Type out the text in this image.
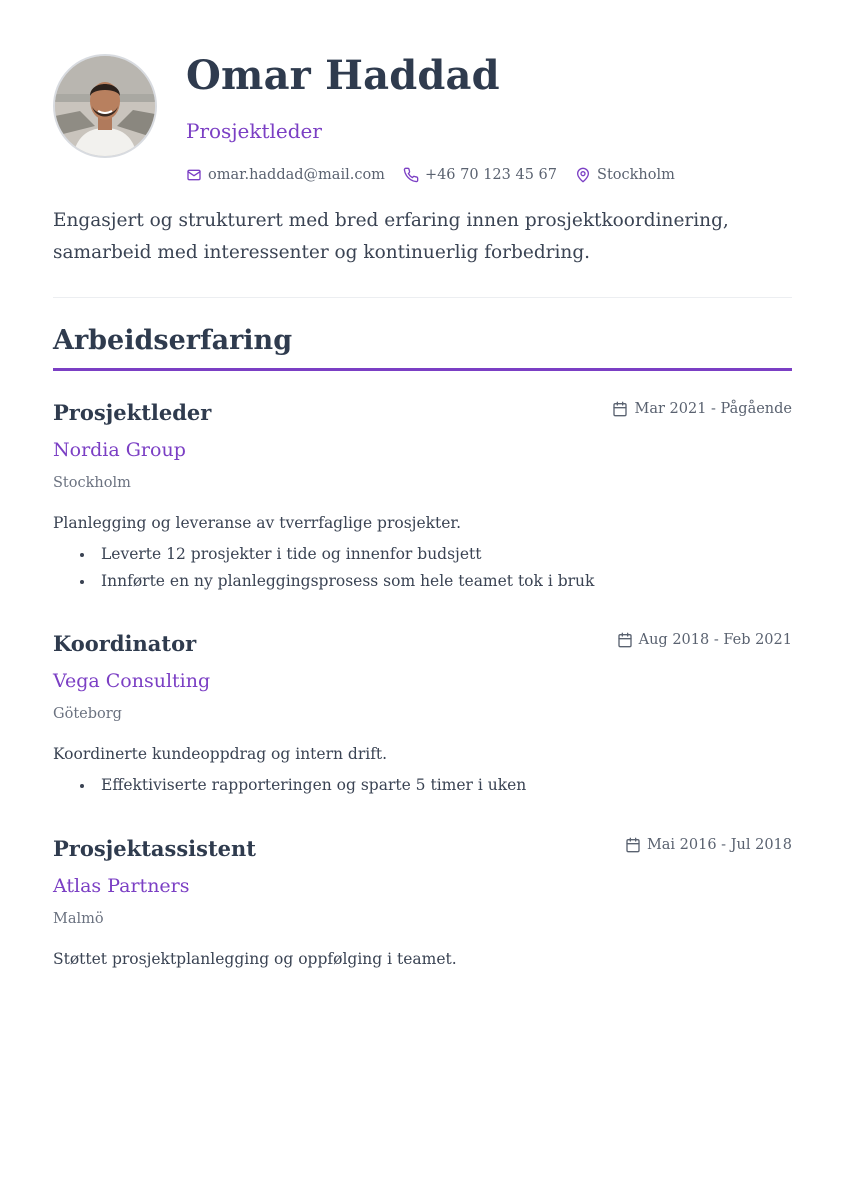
Omar Haddad
Prosjektleder
omar.haddad@mail.com	+46 70 123 45 67	Stockholm
Engasjert og strukturert med bred erfaring innen prosjektkoordinering, samarbeid med interessenter og kontinuerlig forbedring.
Arbeidserfaring
Prosjektleder	Mar 2021 - Pågående
Nordia Group
Stockholm
Planlegging og leveranse av tverrfaglige prosjekter.
Leverte 12 prosjekter i tide og innenfor budsjett
Innførte en ny planleggingsprosess som hele teamet tok i bruk
Koordinator	Aug 2018 - Feb 2021
Vega Consulting
Göteborg
Koordinerte kundeoppdrag og intern drift.
Effektiviserte rapporteringen og sparte 5 timer i uken
Prosjektassistent	Mai 2016 - Jul 2018
Atlas Partners
Malmö
Støttet prosjektplanlegging og oppfølging i teamet.
